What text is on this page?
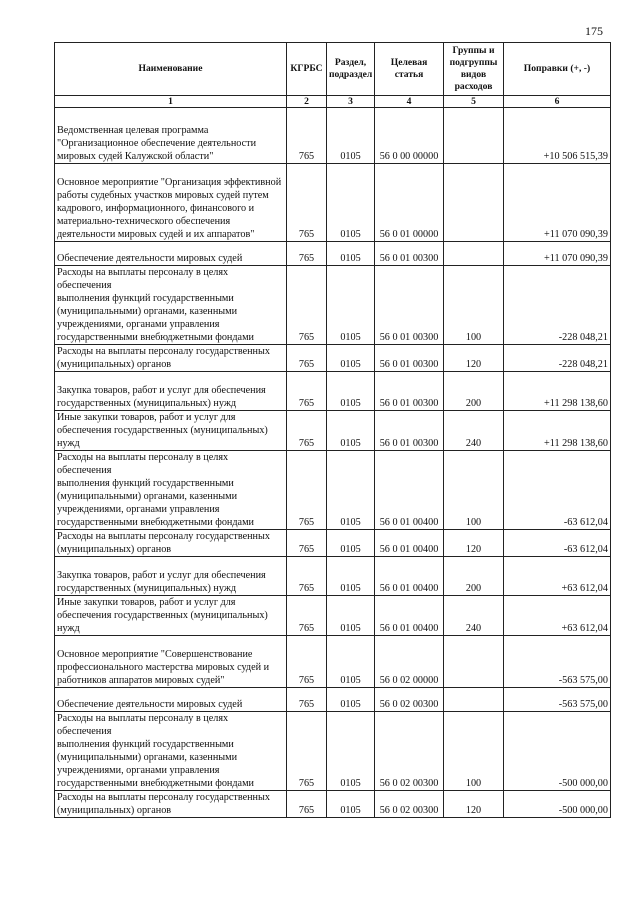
175
Наименование	КГРБС	Раздел, подраздел	Целевая статья	Группы и подгруппы видов расходов	Поправки (+, -)
1	2	3	4	5	6
Ведомственная целевая программа
"Организационное обеспечение деятельности
мировых судей Калужской области"	765	0105	56 0 00 00000		+10 506 515,39
Основное мероприятие "Организация эффективной
работы судебных участков мировых судей путем
кадрового, информационного, финансового и
материально-технического обеспечения
деятельности мировых судей и их аппаратов"	765	0105	56 0 01 00000		+11 070 090,39
Обеспечение деятельности мировых судей	765	0105	56 0 01 00300		+11 070 090,39
Расходы на выплаты персоналу в целях обеспечения
выполнения функций государственными
(муниципальными) органами, казенными
учреждениями, органами управления
государственными внебюджетными фондами	765	0105	56 0 01 00300	100	-228 048,21
Расходы на выплаты персоналу государственных
(муниципальных) органов	765	0105	56 0 01 00300	120	-228 048,21
Закупка товаров, работ и услуг для обеспечения
государственных (муниципальных) нужд	765	0105	56 0 01 00300	200	+11 298 138,60
Иные закупки товаров, работ и услуг для
обеспечения государственных (муниципальных)
нужд	765	0105	56 0 01 00300	240	+11 298 138,60
Расходы на выплаты персоналу в целях обеспечения
выполнения функций государственными
(муниципальными) органами, казенными
учреждениями, органами управления
государственными внебюджетными фондами	765	0105	56 0 01 00400	100	-63 612,04
Расходы на выплаты персоналу государственных
(муниципальных) органов	765	0105	56 0 01 00400	120	-63 612,04
Закупка товаров, работ и услуг для обеспечения
государственных (муниципальных) нужд	765	0105	56 0 01 00400	200	+63 612,04
Иные закупки товаров, работ и услуг для
обеспечения государственных (муниципальных)
нужд	765	0105	56 0 01 00400	240	+63 612,04
Основное мероприятие "Совершенствование
профессионального мастерства мировых судей и
работников аппаратов мировых судей"	765	0105	56 0 02 00000		-563 575,00
Обеспечение деятельности мировых судей	765	0105	56 0 02 00300		-563 575,00
Расходы на выплаты персоналу в целях обеспечения
выполнения функций государственными
(муниципальными) органами, казенными
учреждениями, органами управления
государственными внебюджетными фондами	765	0105	56 0 02 00300	100	-500 000,00
Расходы на выплаты персоналу государственных
(муниципальных) органов	765	0105	56 0 02 00300	120	-500 000,00
